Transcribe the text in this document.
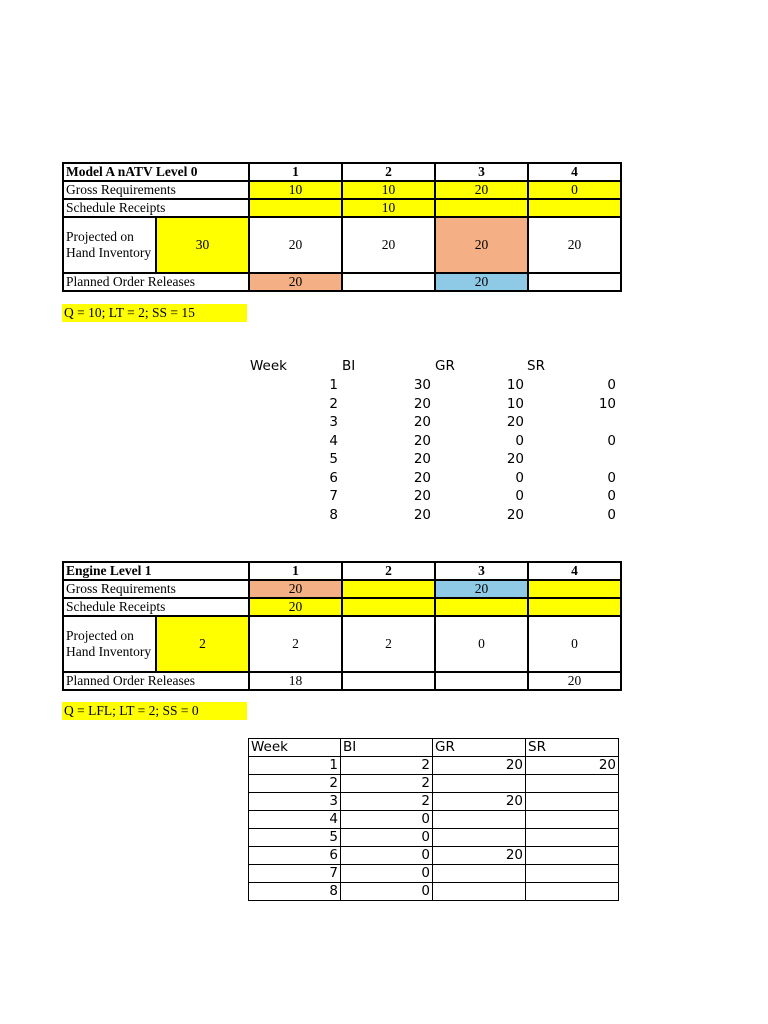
Model A nATV Level 0		1	2	3	4
Gross Requirements		10	10	20	0
Schedule Receipts			10		
Projected on Hand Inventory	30	20	20	20	20
Planned Order Releases		20		20	
Q = 10; LT = 2; SS = 15
Week	BI	GR	SR
1	30	10	0
2	20	10	10
3	20	20
4	20	0	0
5	20	20
6	20	0	0
7	20	0	0
8	20	20	0
Engine Level 1		1	2	3	4
Gross Requirements		20		20	
Schedule Receipts		20			
Projected on Hand Inventory	2	2	2	0	0
Planned Order Releases		18			20
Q = LFL; LT = 2; SS = 0
Week	BI	GR	SR
1	2	20	20
2	2		
3	2	20	
4	0		
5	0		
6	0	20	
7	0		
8	0		
